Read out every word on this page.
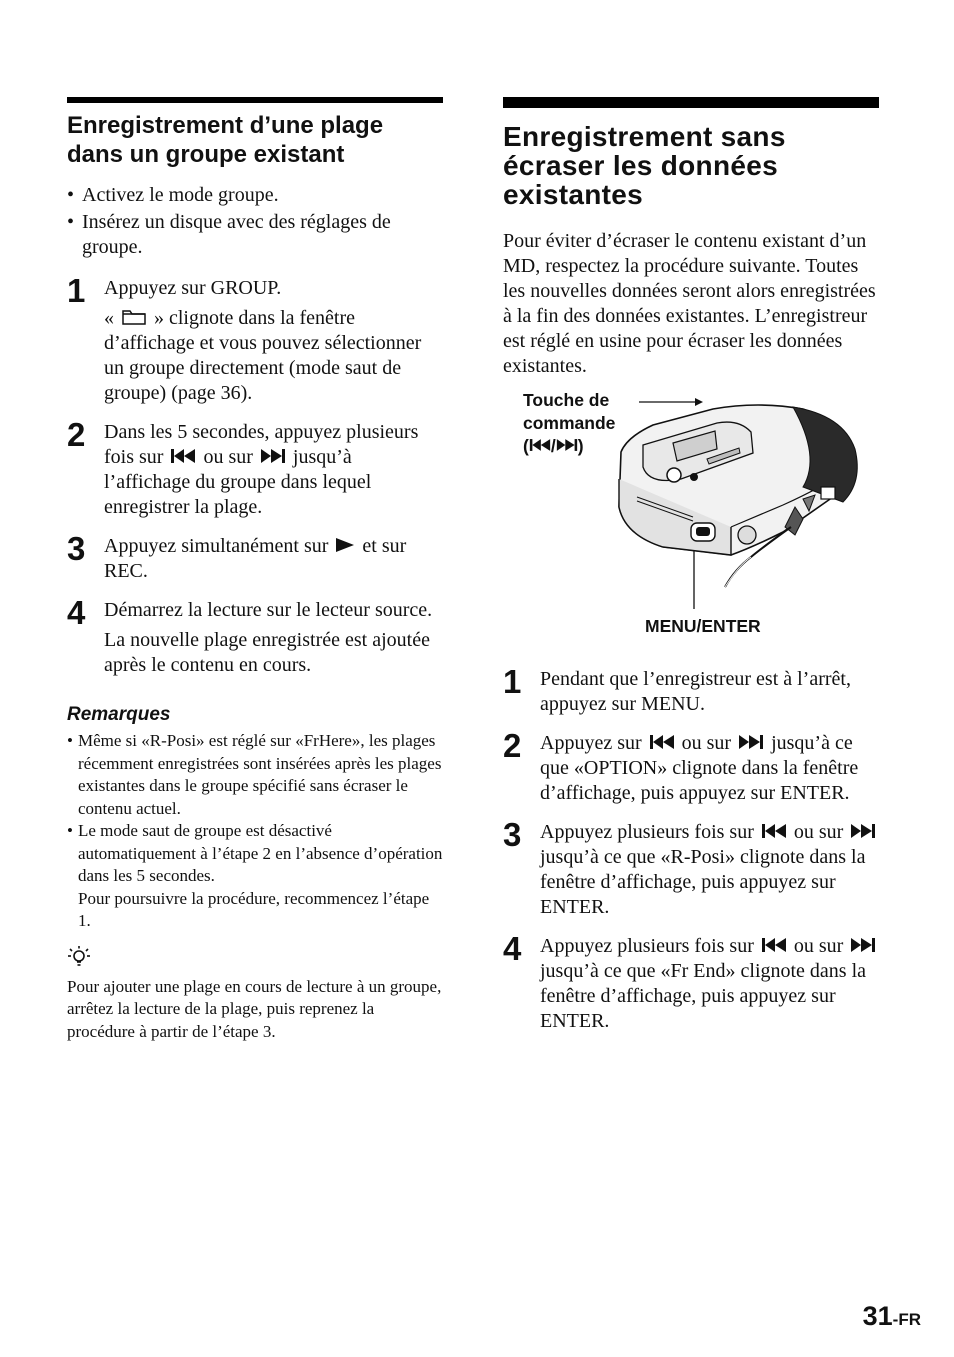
Enregistrement d’une plage dans un groupe existant
• Activez le mode groupe.
• Insérez un disque avec des réglages de groupe.
1 Appuyez sur GROUP.

« » clignote dans la fenêtre d’affichage et vous pouvez sélectionner un groupe directement (mode saut de groupe) (page 36).

2 Dans les 5 secondes, appuyez plusieurs fois sur ou sur jusqu’à l’affichage du groupe dans lequel enregistrer la plage.

3 Appuyez simultanément sur et sur REC.

4 Démarrez la lecture sur le lecteur source.

La nouvelle plage enregistrée est ajoutée après le contenu en cours.

Remarques
• Même si «R-Posi» est réglé sur «FrHere», les plages récemment enregistrées sont insérées après les plages existantes dans le groupe spécifié sans écraser le contenu actuel.
• Le mode saut de groupe est désactivé automatiquement à l’étape 2 en l’absence d’opération dans les 5 secondes.
Pour poursuivre la procédure, recommencez l’étape 1.

Pour ajouter une plage en cours de lecture à un groupe, arrêtez la lecture de la plage, puis reprenez la procédure à partir de l’étape 3.

Enregistrement sans écraser les données existantes

Pour éviter d’écraser le contenu existant d’un MD, respectez la procédure suivante. Toutes les nouvelles données seront alors enregistrées à la fin des données existantes. L’enregistreur est réglé en usine pour écraser les données existantes.

Touche de
commande
( / )
MENU/ENTER
1 Pendant que l’enregistreur est à l’arrêt, appuyez sur MENU.

2 Appuyez sur ou sur jusqu’à ce que «OPTION» clignote dans la fenêtre d’affichage, puis appuyez sur ENTER.

3 Appuyez plusieurs fois sur ou sur  jusqu’à ce que «R-Posi» clignote dans la fenêtre d’affichage, puis appuyez sur ENTER.

4 Appuyez plusieurs fois sur ou sur  jusqu’à ce que «Fr End» clignote dans la fenêtre d’affichage, puis appuyez sur ENTER.

31-FR
